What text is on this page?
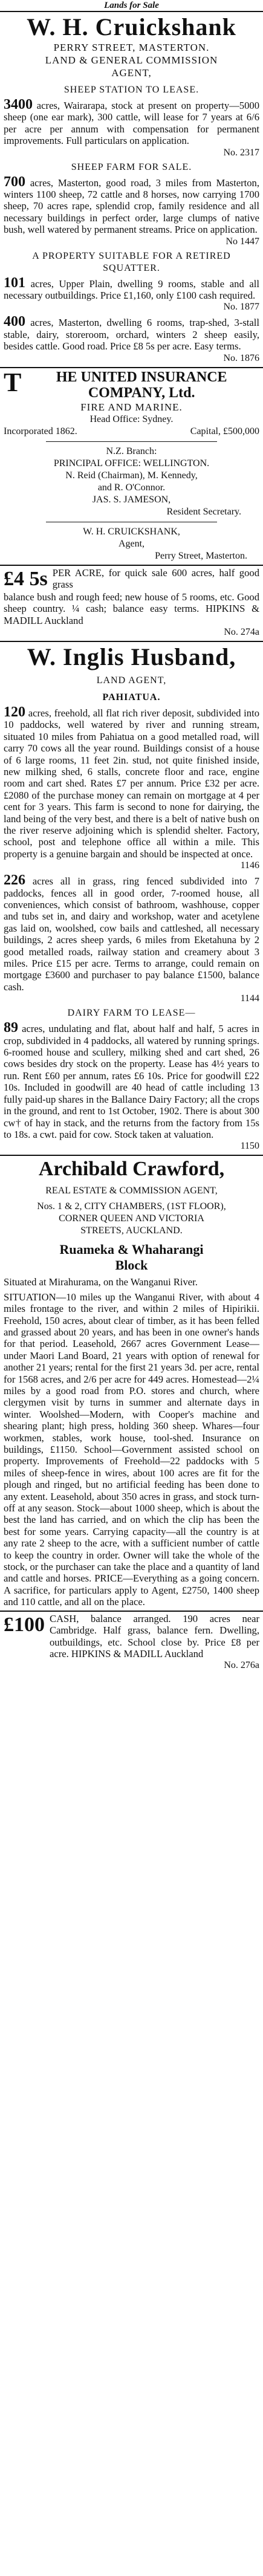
Lands for Sale
W. H. Cruickshank
PERRY STREET, MASTERTON.
LAND & GENERAL COMMISSION
AGENT,
SHEEP STATION TO LEASE.

3400 acres, Wairarapa, stock at present on property—5000 sheep (one ear mark), 300 cattle, will lease for 7 years at 6/6 per acre per annum with compensation for permanent improvements. Full particulars on application.

No. 2317
SHEEP FARM FOR SALE.

700 acres, Masterton, good road, 3 miles from Masterton, winters 1100 sheep, 72 cattle and 8 horses, now carrying 1700 sheep, 70 acres rape, splendid crop, family residence and all necessary buildings in perfect order, large clumps of native bush, well watered by permanent streams. Price on application.

No 1447
A PROPERTY SUITABLE FOR A RETIRED SQUATTER.

101 acres, Upper Plain, dwelling 9 rooms, stable and all necessary outbuildings. Price £1,160, only £100 cash required.

No. 1877

400 acres, Masterton, dwelling 6 rooms, trap-shed, 3-stall stable, dairy, storeroom, orchard, winters 2 sheep easily, besides cattle. Good road. Price £8 5s per acre. Easy terms.

No. 1876
T HE UNITED INSURANCE
COMPANY, Ltd.
FIRE AND MARINE.
Head Office: Sydney.
Incorporated 1862.	Capital, £500,000
N.Z. Branch:
PRINCIPAL OFFICE: WELLINGTON.
N. Reid (Chairman), M. Kennedy,
and R. O'Connor.
JAS. S. JAMESON,
Resident Secretary.
W. H. CRUICKSHANK,
Agent,
Perry Street, Masterton.
£4 5s PER ACRE, for quick sale 600 acres, half good grass

balance bush and rough feed; new house of 5 rooms, etc. Good sheep country. ¼ cash; balance easy terms. HIPKINS & MADILL Auckland

No. 274a
W. Inglis Husband,
LAND AGENT,
PAHIATUA.

120 acres, freehold, all flat rich river deposit, subdivided into 10 paddocks, well watered by river and running stream, situated 10 miles from Pahiatua on a good metalled road, will carry 70 cows all the year round. Buildings consist of a house of 6 large rooms, 11 feet 2in. stud, not quite finished inside, new milking shed, 6 stalls, concrete floor and race, engine room and cart shed. Rates £7 per annum. Price £32 per acre. £2080 of the purchase money can remain on mortgage at 4 per cent for 3 years. This farm is second to none for dairying, the land being of the very best, and there is a belt of native bush on the river reserve adjoining which is splendid shelter. Factory, school, post and telephone office all within a mile. This property is a genuine bargain and should be inspected at once.

1146

226 acres all in grass, ring fenced subdivided into 7 paddocks, fences all in good order, 7-roomed house, all conveniences, which consist of bathroom, washhouse, copper and tubs set in, and dairy and workshop, water and acetylene gas laid on, woolshed, cow bails and cattleshed, all necessary buildings, 2 acres sheep yards, 6 miles from Eketahuna by 2 good metalled roads, railway station and creamery about 3 miles. Price £15 per acre. Terms to arrange, could remain on mortgage £3600 and purchaser to pay balance £1500, balance cash.

1144
DAIRY FARM TO LEASE—

89 acres, undulating and flat, about half and half, 5 acres in crop, subdivided in 4 paddocks, all watered by running springs. 6-roomed house and scullery, milking shed and cart shed, 26 cows besides dry stock on the property. Lease has 4½ years to run. Rent £60 per annum, rates £6 10s. Price for goodwill £22 10s. Included in goodwill are 40 head of cattle including 13 fully paid-up shares in the Ballance Dairy Factory; all the crops in the ground, and rent to 1st October, 1902. There is about 300 cw† of hay in stack, and the returns from the factory from 15s to 18s. a cwt. paid for cow. Stock taken at valuation.

1150
Archibald Crawford,
REAL ESTATE & COMMISSION AGENT,
Nos. 1 & 2, CITY CHAMBERS, (1ST FLOOR),
CORNER QUEEN AND VICTORIA
STREETS, AUCKLAND.
Ruameka & Whaharangi
Block

Situated at Mirahurama, on the Wanganui River.

SITUATION—10 miles up the Wanganui River, with about 4 miles frontage to the river, and within 2 miles of Hipirikii. Freehold, 150 acres, about clear of timber, as it has been felled and grassed about 20 years, and has been in one owner's hands for that period. Leasehold, 2667 acres Government Lease—under Maori Land Board, 21 years with option of renewal for another 21 years; rental for the first 21 years 3d. per acre, rental for 1568 acres, and 2/6 per acre for 449 acres. Homestead—2¼ miles by a good road from P.O. stores and church, where clergymen visit by turns in summer and alternate days in winter. Woolshed—Modern, with Cooper's machine and shearing plant; high press, holding 360 sheep. Whares—four workmen, stables, work house, tool-shed. Insurance on buildings, £1150. School—Government assisted school on property. Improvements of Freehold—22 paddocks with 5 miles of sheep-fence in wires, about 100 acres are fit for the plough and ringed, but no artificial feeding has been done to any extent. Leasehold, about 350 acres in grass, and stock turn-off at any season. Stock—about 1000 sheep, which is about the best the land has carried, and on which the clip has been the best for some years. Carrying capacity—all the country is at any rate 2 sheep to the acre, with a sufficient number of cattle to keep the country in order. Owner will take the whole of the stock, or the purchaser can take the place and a quantity of land and cattle and horses. PRICE—Everything as a going concern. A sacrifice, for particulars apply to Agent, £2750, 1400 sheep and 110 cattle, and all on the place.

£100 CASH, balance arranged. 190 acres near Cambridge. Half grass, balance fern. Dwelling, outbuildings, etc. School close by. Price £8 per acre. HIPKINS & MADILL Auckland

No. 276a
